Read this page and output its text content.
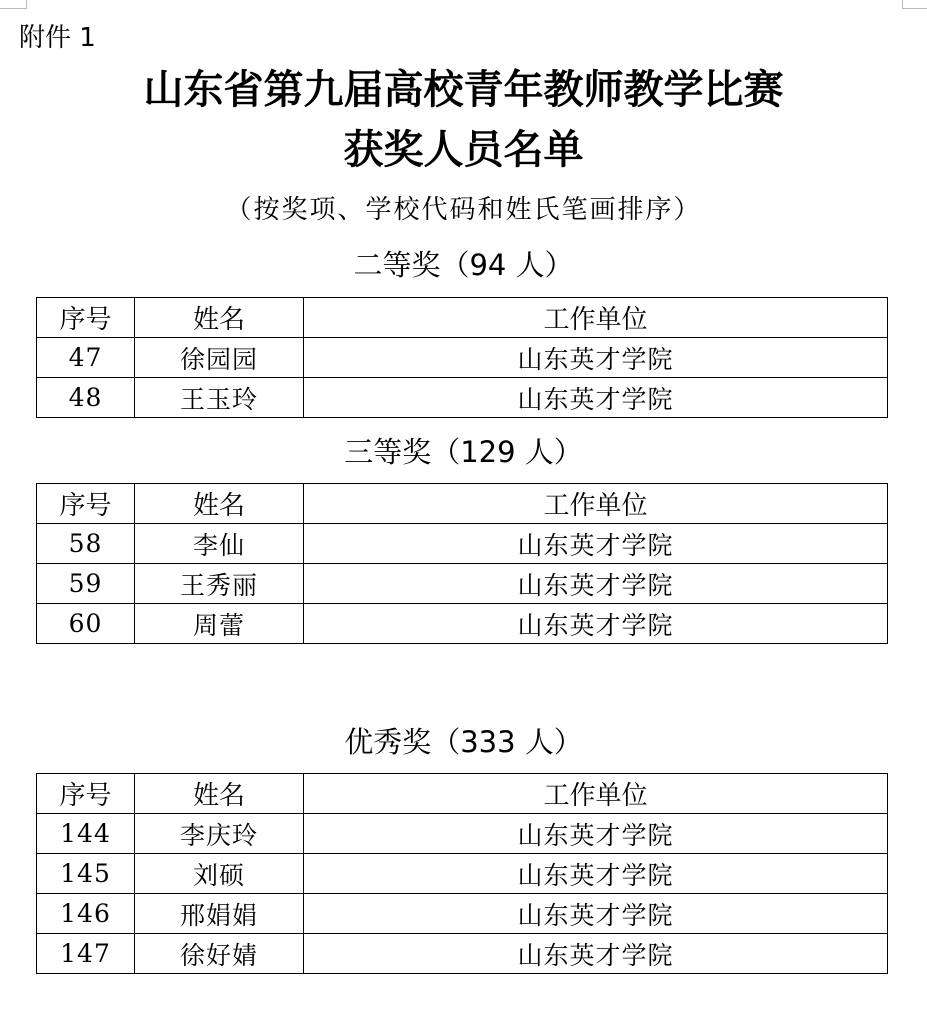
附件 1
山东省第九届高校青年教师教学比赛
获奖人员名单
（按奖项、学校代码和姓氏笔画排序）
二等奖（94 人）
序号	姓名	工作单位
47	徐园园	山东英才学院
48	王玉玲	山东英才学院
三等奖（129 人）
序号	姓名	工作单位
58	李仙	山东英才学院
59	王秀丽	山东英才学院
60	周蕾	山东英才学院
优秀奖（333 人）
序号	姓名	工作单位
144	李庆玲	山东英才学院
145	刘硕	山东英才学院
146	邢娟娟	山东英才学院
147	徐好婧	山东英才学院
